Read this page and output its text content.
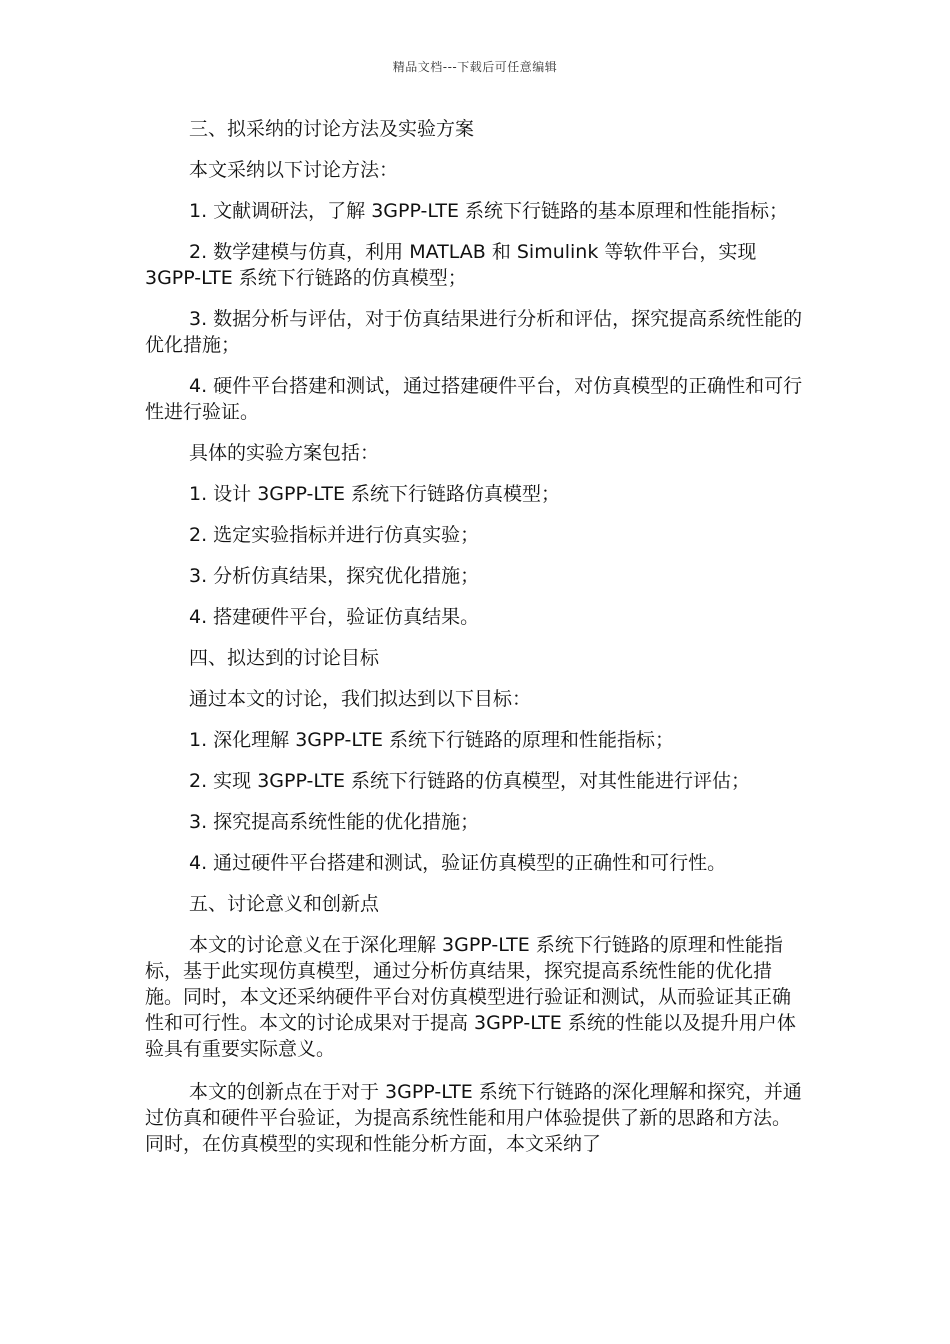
精品文档---下载后可任意编辑

三、拟采纳的讨论方法及实验方案

本文采纳以下讨论方法：

1. 文献调研法，了解 3GPP-LTE 系统下行链路的基本原理和性能指标；

2. 数学建模与仿真，利用 MATLAB 和 Simulink 等软件平台，实现 3GPP-LTE 系统下行链路的仿真模型；

3. 数据分析与评估，对于仿真结果进行分析和评估，探究提高系统性能的优化措施；

4. 硬件平台搭建和测试，通过搭建硬件平台，对仿真模型的正确性和可行性进行验证。

具体的实验方案包括：

1. 设计 3GPP-LTE 系统下行链路仿真模型；

2. 选定实验指标并进行仿真实验；

3. 分析仿真结果，探究优化措施；

4. 搭建硬件平台，验证仿真结果。

四、拟达到的讨论目标

通过本文的讨论，我们拟达到以下目标：

1. 深化理解 3GPP-LTE 系统下行链路的原理和性能指标；

2. 实现 3GPP-LTE 系统下行链路的仿真模型，对其性能进行评估；

3. 探究提高系统性能的优化措施；

4. 通过硬件平台搭建和测试，验证仿真模型的正确性和可行性。

五、讨论意义和创新点

本文的讨论意义在于深化理解 3GPP-LTE 系统下行链路的原理和性能指标，基于此实现仿真模型，通过分析仿真结果，探究提高系统性能的优化措施。同时，本文还采纳硬件平台对仿真模型进行验证和测试，从而验证其正确性和可行性。本文的讨论成果对于提高 3GPP-LTE 系统的性能以及提升用户体验具有重要实际意义。

本文的创新点在于对于 3GPP-LTE 系统下行链路的深化理解和探究，并通过仿真和硬件平台验证，为提高系统性能和用户体验提供了新的思路和方法。同时，在仿真模型的实现和性能分析方面，本文采纳了
